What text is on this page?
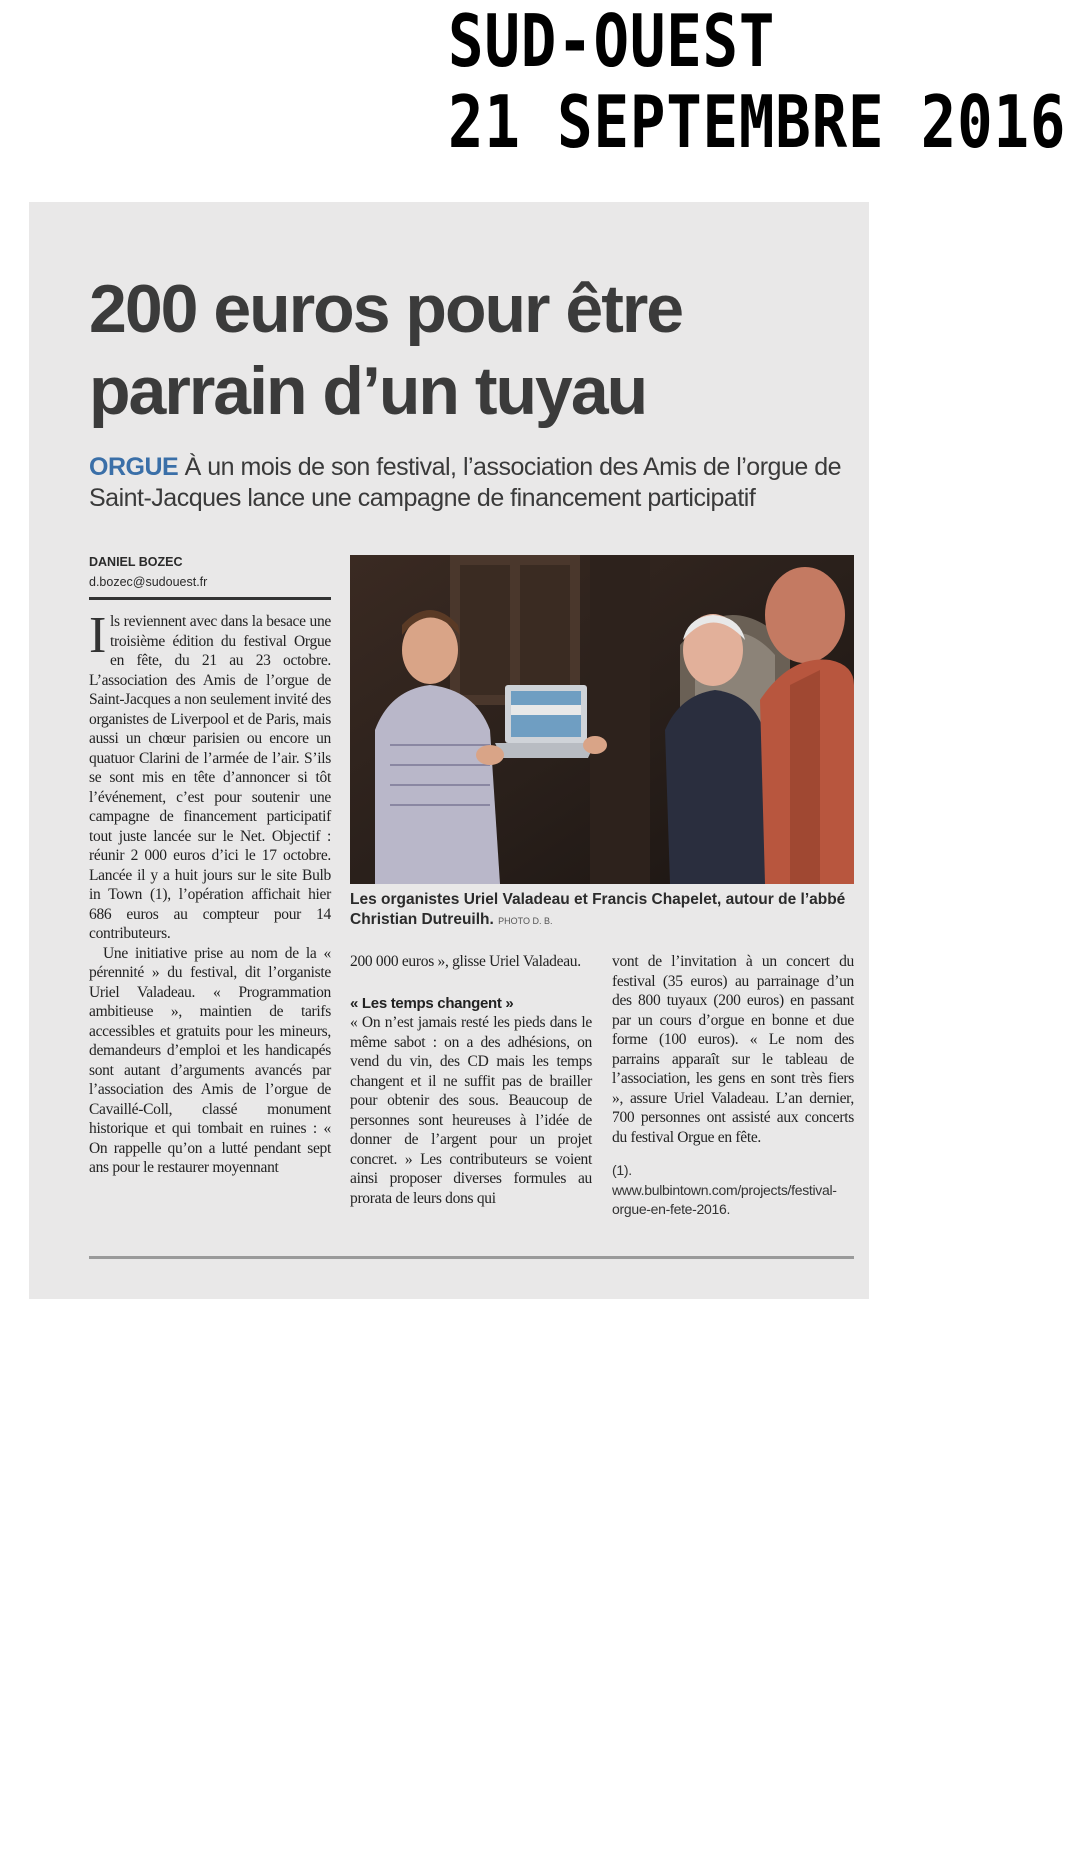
SUD-OUEST
21 SEPTEMBRE 2016
200 euros pour être parrain d’un tuyau
ORGUE À un mois de son festival, l’association des Amis de l’orgue de Saint-Jacques lance une campagne de financement participatif
DANIEL BOZEC
d.bozec@sudouest.fr

Ils reviennent avec dans la besace une troisième édition du festival Orgue en fête, du 21 au 23 octobre. L’association des Amis de l’orgue de Saint-Jacques a non seulement invité des organistes de Liverpool et de Paris, mais aussi un chœur parisien ou encore un quatuor Clarini de l’armée de l’air. S’ils se sont mis en tête d’annoncer si tôt l’événement, c’est pour soutenir une campagne de financement participatif tout juste lancée sur le Net. Objectif : réunir 2 000 euros d’ici le 17 octobre. Lancée il y a huit jours sur le site Bulb in Town (1), l’opération affichait hier 686 euros au compteur pour 14 contributeurs.

Une initiative prise au nom de la « pérennité » du festival, dit l’organiste Uriel Valadeau. « Programmation ambitieuse », maintien de tarifs accessibles et gratuits pour les mineurs, demandeurs d’emploi et les handicapés sont autant d’arguments avancés par l’association des Amis de l’orgue de Cavaillé-Coll, classé monument historique et qui tombait en ruines : « On rappelle qu’on a lutté pendant sept ans pour le restaurer moyennant

Les organistes Uriel Valadeau et Francis Chapelet, autour de l’abbé Christian Dutreuilh. PHOTO D. B.

200 000 euros », glisse Uriel Valadeau.

« Les temps changent »

« On n’est jamais resté les pieds dans le même sabot : on a des adhésions, on vend du vin, des CD mais les temps changent et il ne suffit pas de brailler pour obtenir des sous. Beaucoup de personnes sont heureuses à l’idée de donner de l’argent pour un projet concret. » Les contributeurs se voient ainsi proposer diverses formules au prorata de leurs dons qui

vont de l’invitation à un concert du festival (35 euros) au parrainage d’un des 800 tuyaux (200 euros) en passant par un cours d’orgue en bonne et due forme (100 euros). « Le nom des parrains apparaît sur le tableau de l’association, les gens en sont très fiers », assure Uriel Valadeau. L’an dernier, 700 personnes ont assisté aux concerts du festival Orgue en fête.

(1). www.bulbintown.com/projects/festival-orgue-en-fete-2016.
